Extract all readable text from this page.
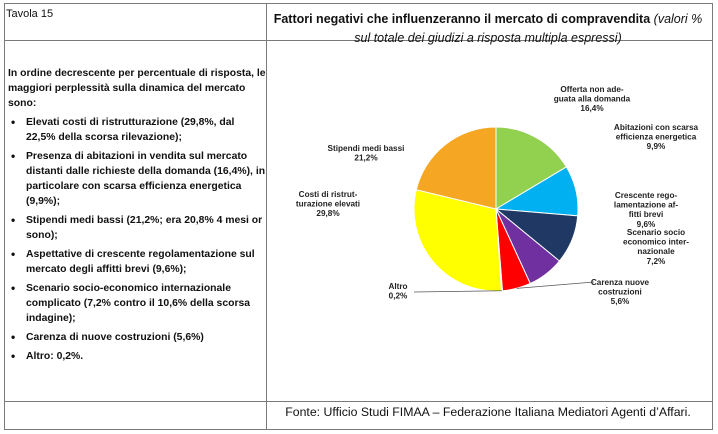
Tavola 15	Fattori negativi che influenzeranno il mercato di compravendita (valori % sul totale dei giudizi a risposta multipla espressi)
In ordine decrescente per percentuale di risposta, le maggiori perplessità sulla dinamica del mercato sono:
• Elevati costi di ristrutturazione (29,8%, dal 22,5% della scorsa rilevazione);
• Presenza di abitazioni in vendita sul mercato distanti dalle richieste della domanda (16,4%), in particolare con scarsa efficienza energetica (9,9%);
• Stipendi medi bassi (21,2%; era 20,8% 4 mesi or sono);
• Aspettative di crescente regolamentazione sul mercato degli affitti brevi (9,6%);
• Scenario socio-economico internazionale complicato (7,2% contro il 10,6% della scorsa indagine);
• Carenza di nuove costruzioni (5,6%)
• Altro: 0,2%.
Offerta non ade-guata alla domanda 16,4%
Abitazioni con scarsa efficienza energetica 9,9%
Crescente rego-lamentazione af-fitti brevi 9,6%
Scenario socio economico inter-nazionale 7,2%
Carenza nuove costruzioni 5,6%
Altro 0,2%
Costi di ristrut-turazione elevati 29,8%
Stipendi medi bassi 21,2%
Fonte: Ufficio Studi FIMAA – Federazione Italiana Mediatori Agenti d’Affari.
